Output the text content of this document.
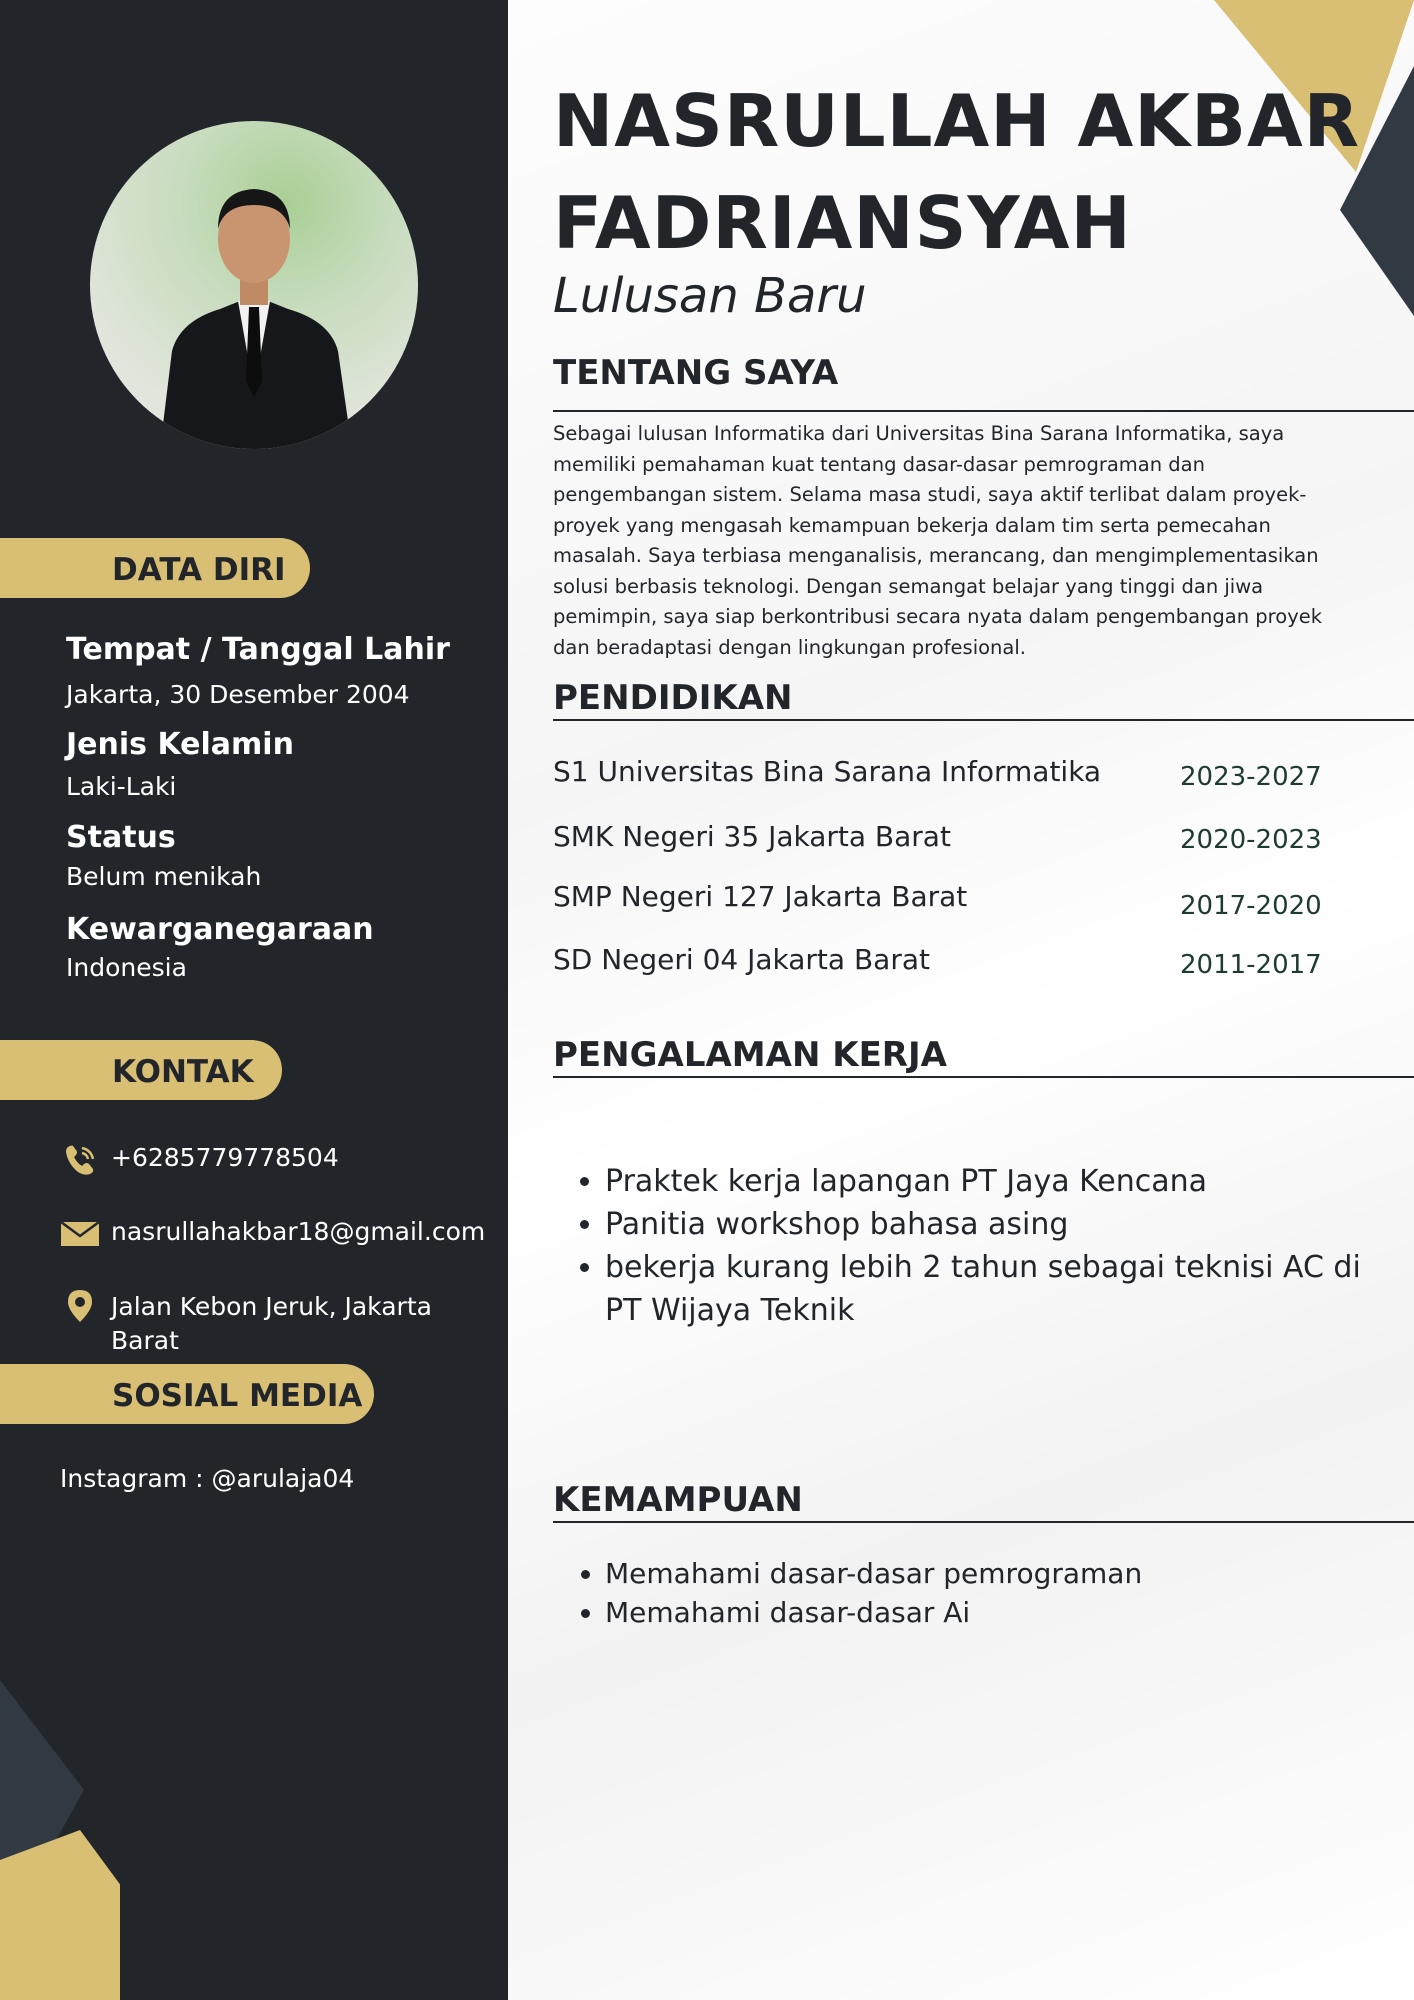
DATA DIRI
Tempat / Tanggal Lahir
Jakarta, 30 Desember 2004
Jenis Kelamin
Laki-Laki
Status
Belum menikah
Kewarganegaraan
Indonesia
KONTAK
+6285779778504
nasrullahakbar18@gmail.com
Jalan Kebon Jeruk, Jakarta
Barat
SOSIAL MEDIA
Instagram : @arulaja04
NASRULLAH AKBAR
FADRIANSYAH
Lulusan Baru
TENTANG SAYA
Sebagai lulusan Informatika dari Universitas Bina Sarana Informatika, saya memiliki pemahaman kuat tentang dasar-dasar pemrograman dan pengembangan sistem. Selama masa studi, saya aktif terlibat dalam proyek-proyek yang mengasah kemampuan bekerja dalam tim serta pemecahan masalah. Saya terbiasa menganalisis, merancang, dan mengimplementasikan solusi berbasis teknologi. Dengan semangat belajar yang tinggi dan jiwa pemimpin, saya siap berkontribusi secara nyata dalam pengembangan proyek dan beradaptasi dengan lingkungan profesional.
PENDIDIKAN
S1 Universitas Bina Sarana Informatika	2023-2027
SMK Negeri 35 Jakarta Barat	2020-2023
SMP Negeri 127 Jakarta Barat	2017-2020
SD Negeri 04 Jakarta Barat	2011-2017
PENGALAMAN KERJA
• Praktek kerja lapangan PT Jaya Kencana
• Panitia workshop bahasa asing
• bekerja kurang lebih 2 tahun sebagai teknisi AC di PT Wijaya Teknik
KEMAMPUAN
• Memahami dasar-dasar pemrograman
• Memahami dasar-dasar Ai
